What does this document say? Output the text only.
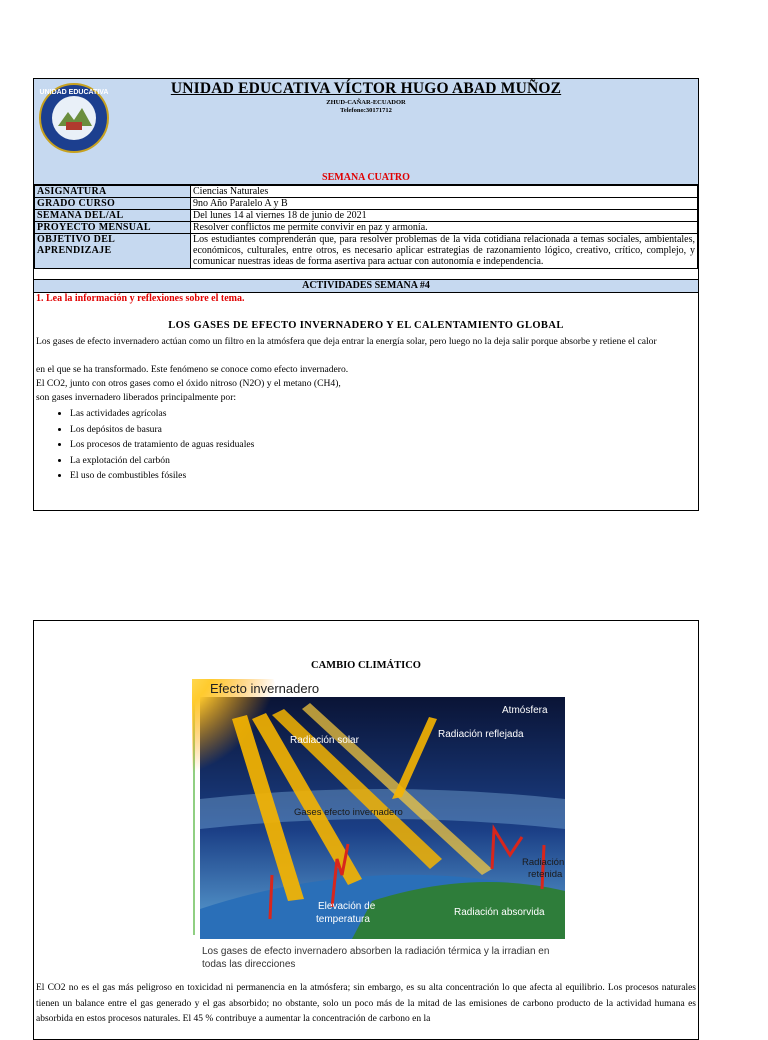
UNIDAD EDUCATIVA	UNIDAD EDUCATIVA VÍCTOR HUGO ABAD MUÑOZ
ZHUD-CAÑAR-ECUADOR
Telefono:30171712
SEMANA CUATRO
ASIGNATURA	Ciencias Naturales
GRADO CURSO	9no Año Paralelo A y B
SEMANA DEL/AL	Del lunes 14 al viernes 18 de junio de 2021
PROYECTO MENSUAL	Resolver conflictos me permite convivir en paz y armonía.
OBJETIVO DEL APRENDIZAJE	Los estudiantes comprenderán que, para resolver problemas de la vida cotidiana relacionada a temas sociales, ambientales, económicos, culturales, entre otros, es necesario aplicar estrategias de razonamiento lógico, creativo, crítico, complejo, y comunicar nuestras ideas de forma asertiva para actuar con autonomía e independencia.
ACTIVIDADES SEMANA #4
1. Lea la información y reflexiones sobre el tema.
LOS GASES DE EFECTO INVERNADERO Y EL CALENTAMIENTO GLOBAL
Los gases de efecto invernadero actúan como un filtro en la atmósfera que deja entrar la energía solar, pero luego no la deja salir porque absorbe y retiene el calor
en el que se ha transformado. Este fenómeno se conoce como efecto invernadero.
El CO2, junto con otros gases como el óxido nitroso (N2O) y el metano (CH4),
son gases invernadero liberados principalmente por:
• Las actividades agrícolas
• Los depósitos de basura
• Los procesos de tratamiento de aguas residuales
• La explotación del carbón
• El uso de combustibles fósiles
CAMBIO CLIMÁTICO
Atmósfera
Radiación solar
Radiación reflejada
Gases efecto invernadero
Radiación
retenida
Elevación de
temperatura
Radiación absorvida
Efecto invernadero
Los gases de efecto invernadero absorben la radiación térmica y la irradian en todas las direcciones
El CO2 no es el gas más peligroso en toxicidad ni permanencia en la atmósfera; sin embargo, es su alta concentración lo que afecta al equilibrio. Los procesos naturales tienen un balance entre el gas generado y el gas absorbido; no obstante, solo un poco más de la mitad de las emisiones de carbono producto de la actividad humana es absorbida en estos procesos naturales. El 45 % contribuye a aumentar la concentración de carbono en la
